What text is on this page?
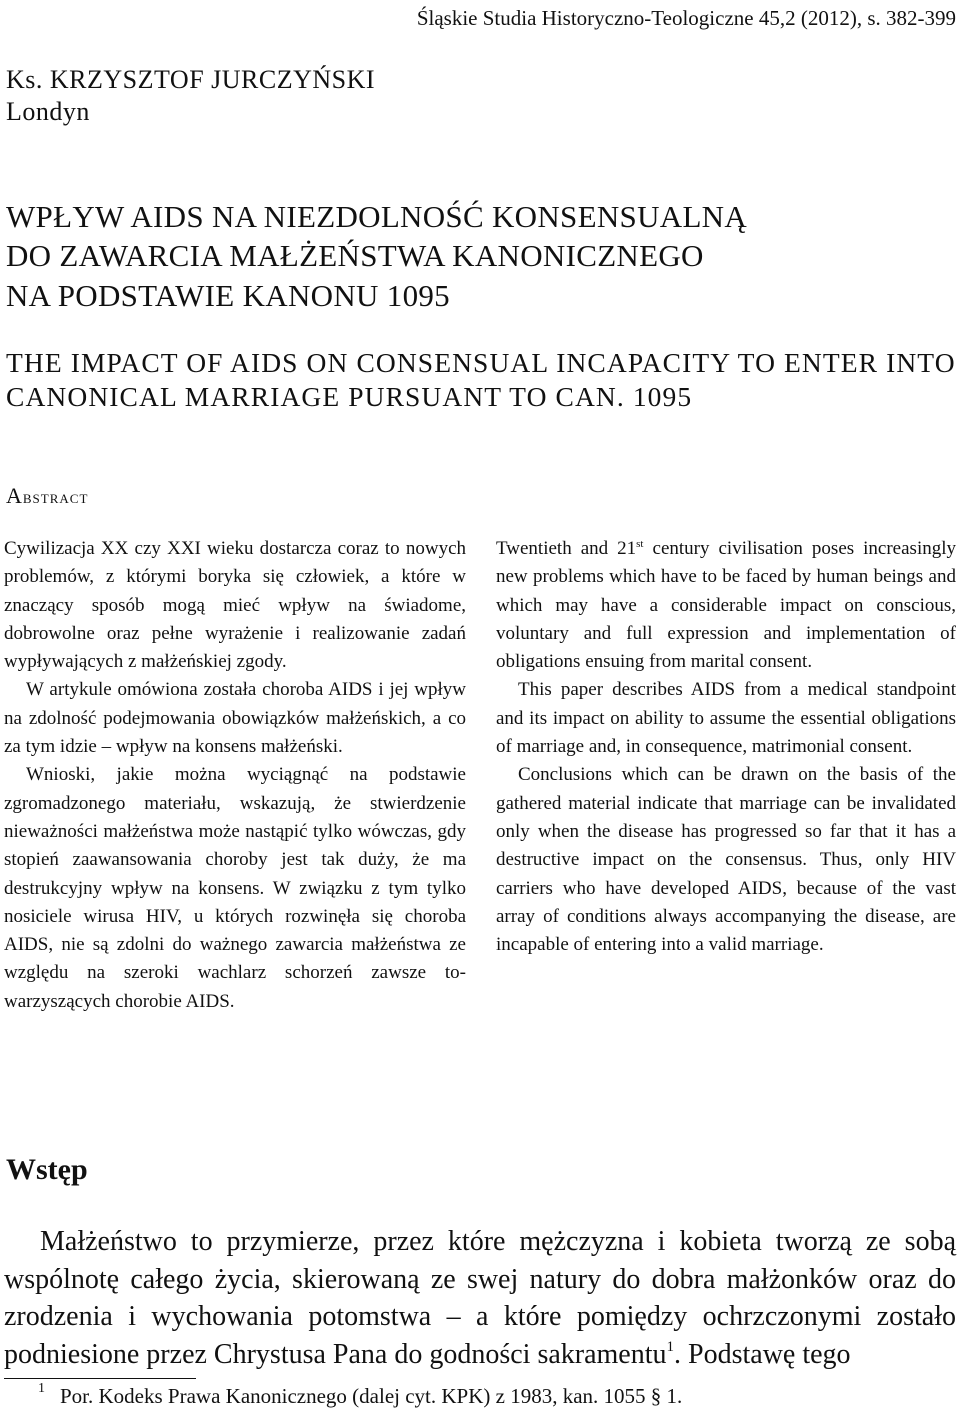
Śląskie Studia Historyczno-Teologiczne 45,2 (2012), s. 382-399
Ks. KRZYSZTOF JURCZYŃSKI
Londyn
WPŁYW AIDS NA NIEZDOLNOŚĆ KONSENSUALNĄ
DO ZAWARCIA MAŁŻEŃSTWA KANONICZNEGO
NA PODSTAWIE KANONU 1095
THE IMPACT OF AIDS ON CONSENSUAL INCAPACITY TO ENTER INTO
CANONICAL MARRIAGE PURSUANT TO CAN. 1095
Abstract

Cywilizacja XX czy XXI wieku dostarcza coraz to nowych problemów, z którymi boryka się człowiek, a które w znaczący sposób mogą mieć wpływ na świadome, dobrowolne oraz pełne wyrażenie i realizowanie zadań wypływających z małżeńskiej zgody.

W artykule omówiona została choroba AIDS i jej wpływ na zdolność podejmowania obowiązków małżeńskich, a co za tym idzie – wpływ na konsens małżeński.

Wnioski, jakie można wyciągnąć na podstawie zgromadzonego materiału, wskazują, że stwierdzenie nieważności małżeństwa może nastąpić tylko wówczas, gdy stopień zaawansowania choroby jest tak duży, że ma destrukcyjny wpływ na konsens. W związku z tym tylko nosiciele wirusa HIV, u których rozwinęła się choroba AIDS, nie są zdolni do ważnego zawarcia małżeństwa ze względu na szeroki wachlarz schorzeń zawsze towarzyszących chorobie AIDS.

Twentieth and 21st century civilisation poses increasingly new problems which have to be faced by human beings and which may have a considerable impact on conscious, voluntary and full expression and implementation of obligations ensuing from marital consent.

This paper describes AIDS from a medical standpoint and its impact on ability to assume the essential obligations of marriage and, in consequence, matrimonial consent.

Conclusions which can be drawn on the basis of the gathered material indicate that marriage can be invalidated only when the disease has progressed so far that it has a destructive impact on the consensus. Thus, only HIV carriers who have developed AIDS, because of the vast array of conditions always accompanying the disease, are incapable of entering into a valid marriage.

Wstęp

Małżeństwo to przymierze, przez które mężczyzna i kobieta tworzą ze sobą wspólnotę całego życia, skierowaną ze swej natury do dobra małżonków oraz do zrodzenia i wychowania potomstwa – a które pomiędzy ochrzczonymi zostało podniesione przez Chrystusa Pana do godności sakramentu$^1$. Podstawę tego

1 Por. Kodeks Prawa Kanonicznego (dalej cyt. KPK) z 1983, kan. 1055 § 1.
